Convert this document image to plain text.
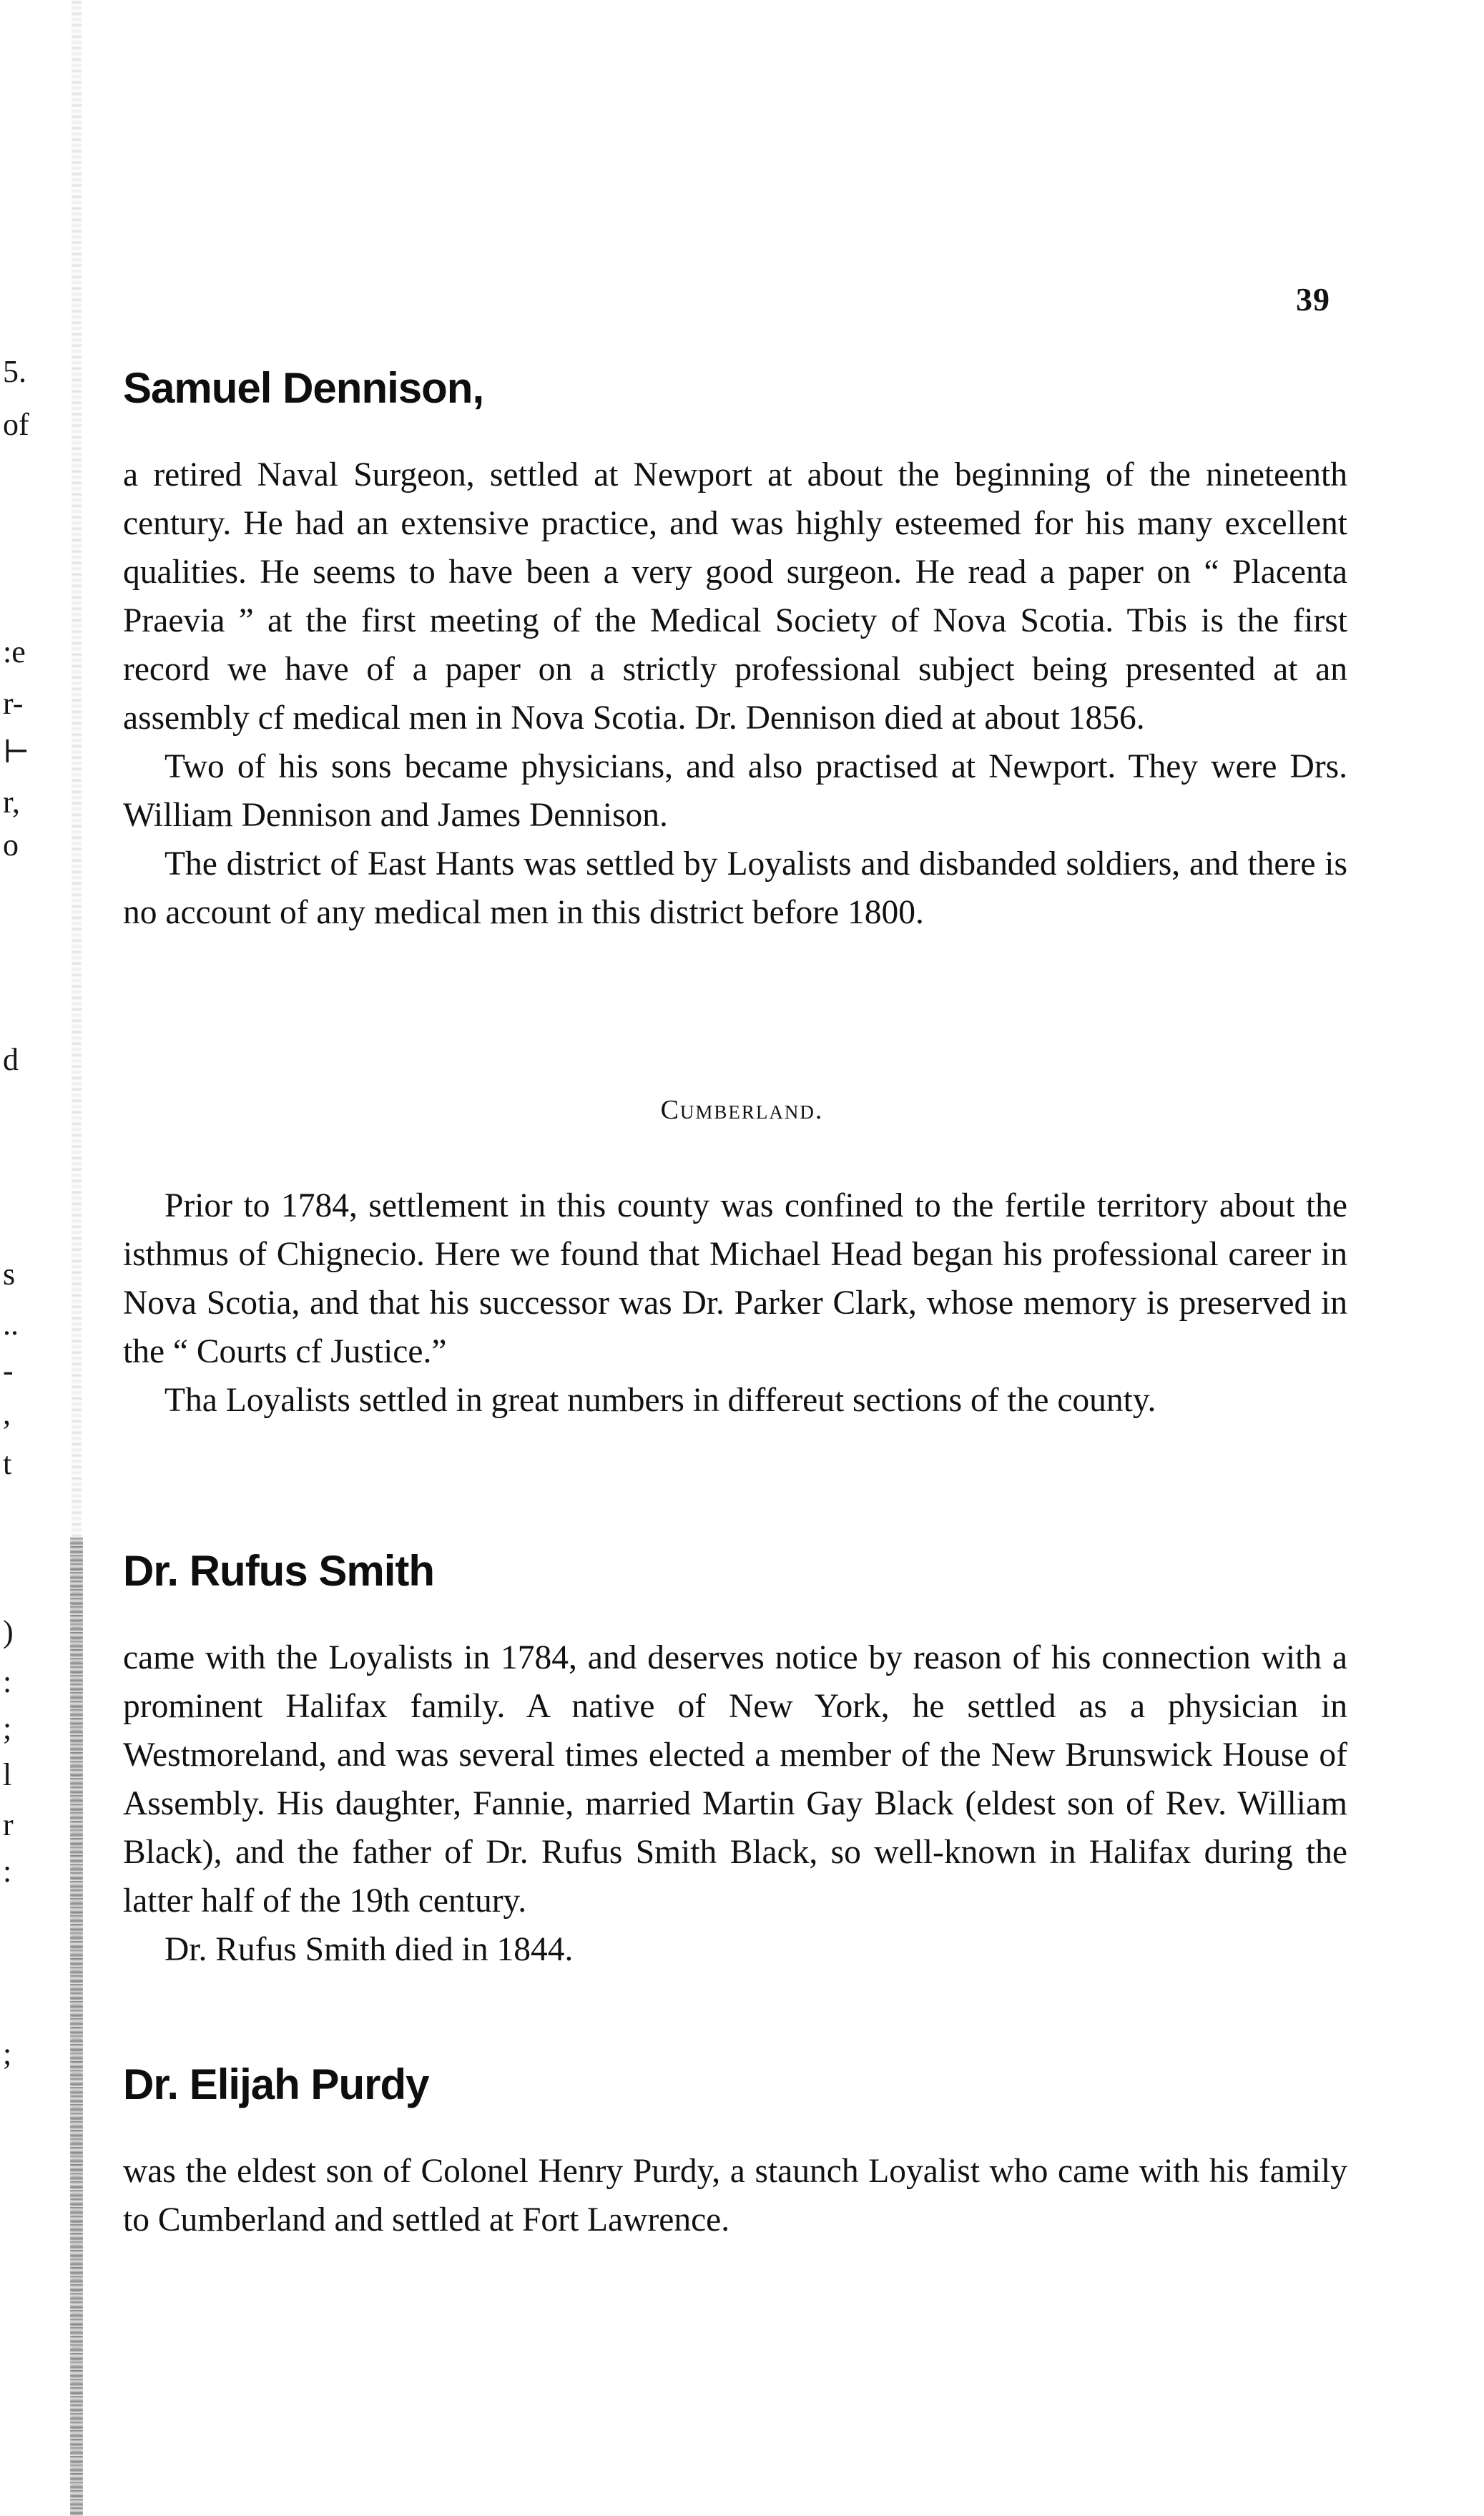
5.
of
:e
r-
⊢
r,
o
d
s
..
-
,
t
)
:
;
l
r
:
;
39
Samuel Dennison,

a retired Naval Surgeon, settled at Newport at about the beginning of the nineteenth century. He had an extensive practice, and was highly esteemed for his many excellent qualities. He seems to have been a very good surgeon. He read a paper on “ Placenta Praevia ” at the first meeting of the Medical Society of Nova Scotia. Tbis is the first record we have of a paper on a strictly professional subject being presented at an assembly cf medical men in Nova Scotia. Dr. Dennison died at about 1856.

Two of his sons became physicians, and also practised at Newport. They were Drs. William Dennison and James Dennison.

The district of East Hants was settled by Loyalists and disbanded soldiers, and there is no account of any medical men in this district before 1800.

Cumberland.

Prior to 1784, settlement in this county was confined to the fertile territory about the isthmus of Chignecio. Here we found that Michael Head began his professional career in Nova Scotia, and that his successor was Dr. Parker Clark, whose memory is preserved in the “ Courts cf Justice.”

Tha Loyalists settled in great numbers in differeut sections of the county.

Dr. Rufus Smith

came with the Loyalists in 1784, and deserves notice by reason of his connection with a prominent Halifax family. A native of New York, he settled as a physician in Westmoreland, and was several times elected a member of the New Brunswick House of Assembly. His daughter, Fannie, married Martin Gay Black (eldest son of Rev. William Black), and the father of Dr. Rufus Smith Black, so well-known in Halifax during the latter half of the 19th century.

Dr. Rufus Smith died in 1844.

Dr. Elijah Purdy

was the eldest son of Colonel Henry Purdy, a staunch Loyalist who came with his family to Cumberland and settled at Fort Lawrence.
